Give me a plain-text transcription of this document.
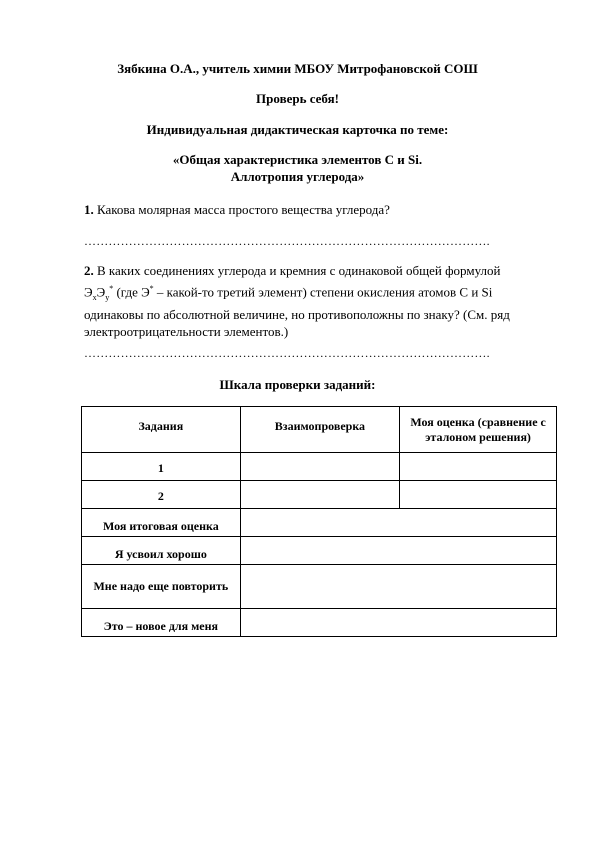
Зябкина О.А., учитель химии МБОУ Митрофановской СОШ
Проверь себя!
Индивидуальная дидактическая карточка по теме:
«Общая характеристика элементов С и Si.
Аллотропия углерода»
1. Какова молярная масса простого вещества углерода?
……………………………………………………………………………………….
2. В каких соединениях углерода и кремния с одинаковой общей формулой
$Э_хЭ_у^*$ (где Э* – какой-то третий элемент) степени окисления атомов С и Si одинаковы по абсолютной величине, но противоположны по знаку? (См. ряд электроотрицательности элементов.)
……………………………………………………………………………………….
Шкала проверки заданий:
Задания	Взаимопроверка	Моя оценка (сравнение с эталоном решения)
1		
2		
Моя итоговая оценка		
Я усвоил хорошо		
Мне надо еще повторить		
Это – новое для меня		
